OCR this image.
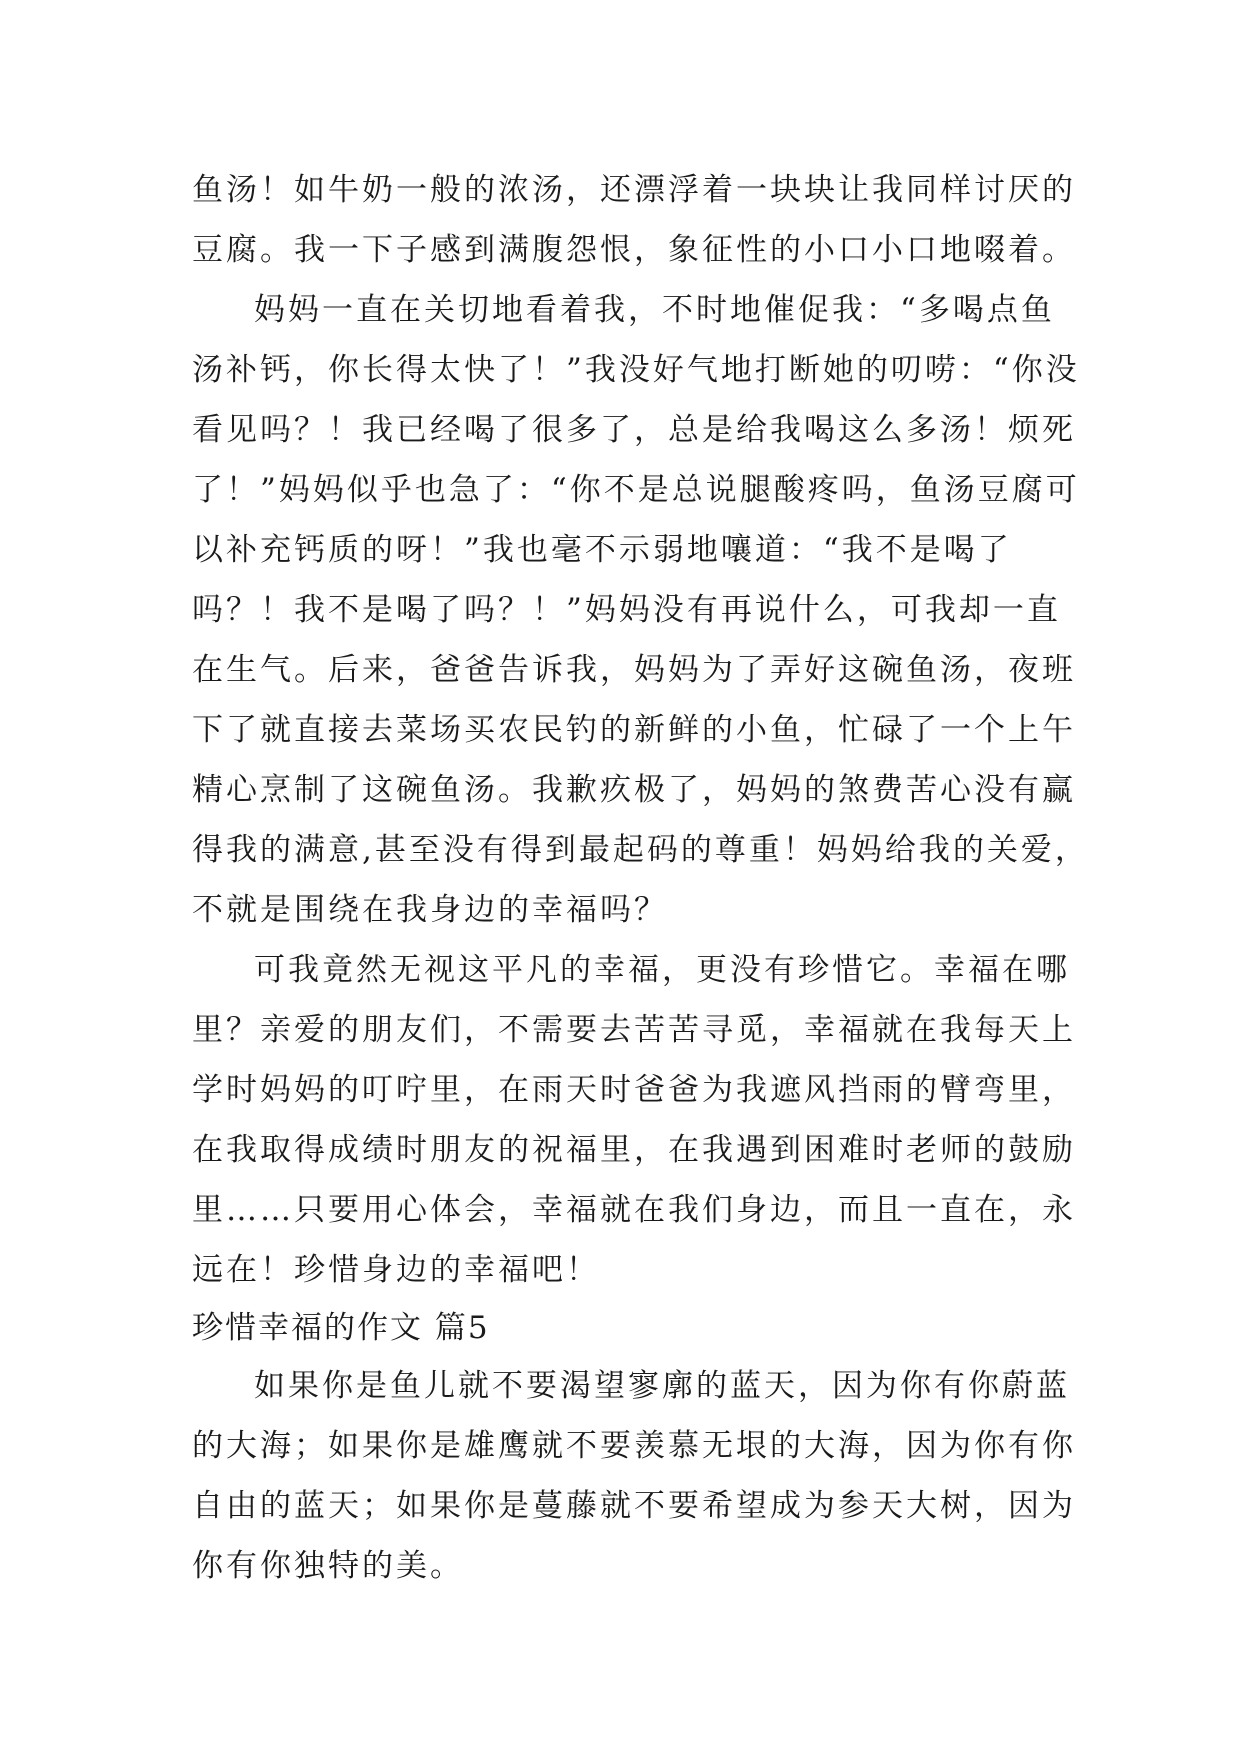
鱼汤！如牛奶一般的浓汤，还漂浮着一块块让我同样讨厌的
豆腐。我一下子感到满腹怨恨，象征性的小口小口地啜着。
妈妈一直在关切地看着我，不时地催促我：“多喝点鱼
汤补钙，你长得太快了！”我没好气地打断她的叨唠：“你没
看见吗？！我已经喝了很多了，总是给我喝这么多汤！烦死
了！”妈妈似乎也急了：“你不是总说腿酸疼吗，鱼汤豆腐可
以补充钙质的呀！”我也毫不示弱地嚷道：“我不是喝了
吗？！我不是喝了吗？！”妈妈没有再说什么，可我却一直
在生气。后来，爸爸告诉我，妈妈为了弄好这碗鱼汤，夜班
下了就直接去菜场买农民钓的新鲜的小鱼，忙碌了一个上午
精心烹制了这碗鱼汤。我歉疚极了，妈妈的煞费苦心没有赢
得我的满意,甚至没有得到最起码的尊重！妈妈给我的关爱，
不就是围绕在我身边的幸福吗？
可我竟然无视这平凡的幸福，更没有珍惜它。幸福在哪
里？亲爱的朋友们，不需要去苦苦寻觅，幸福就在我每天上
学时妈妈的叮咛里，在雨天时爸爸为我遮风挡雨的臂弯里，
在我取得成绩时朋友的祝福里，在我遇到困难时老师的鼓励
里……只要用心体会，幸福就在我们身边，而且一直在，永
远在！珍惜身边的幸福吧！
珍惜幸福的作文 篇5
如果你是鱼儿就不要渴望寥廓的蓝天，因为你有你蔚蓝
的大海；如果你是雄鹰就不要羡慕无垠的大海，因为你有你
自由的蓝天；如果你是蔓藤就不要希望成为参天大树，因为
你有你独特的美。
